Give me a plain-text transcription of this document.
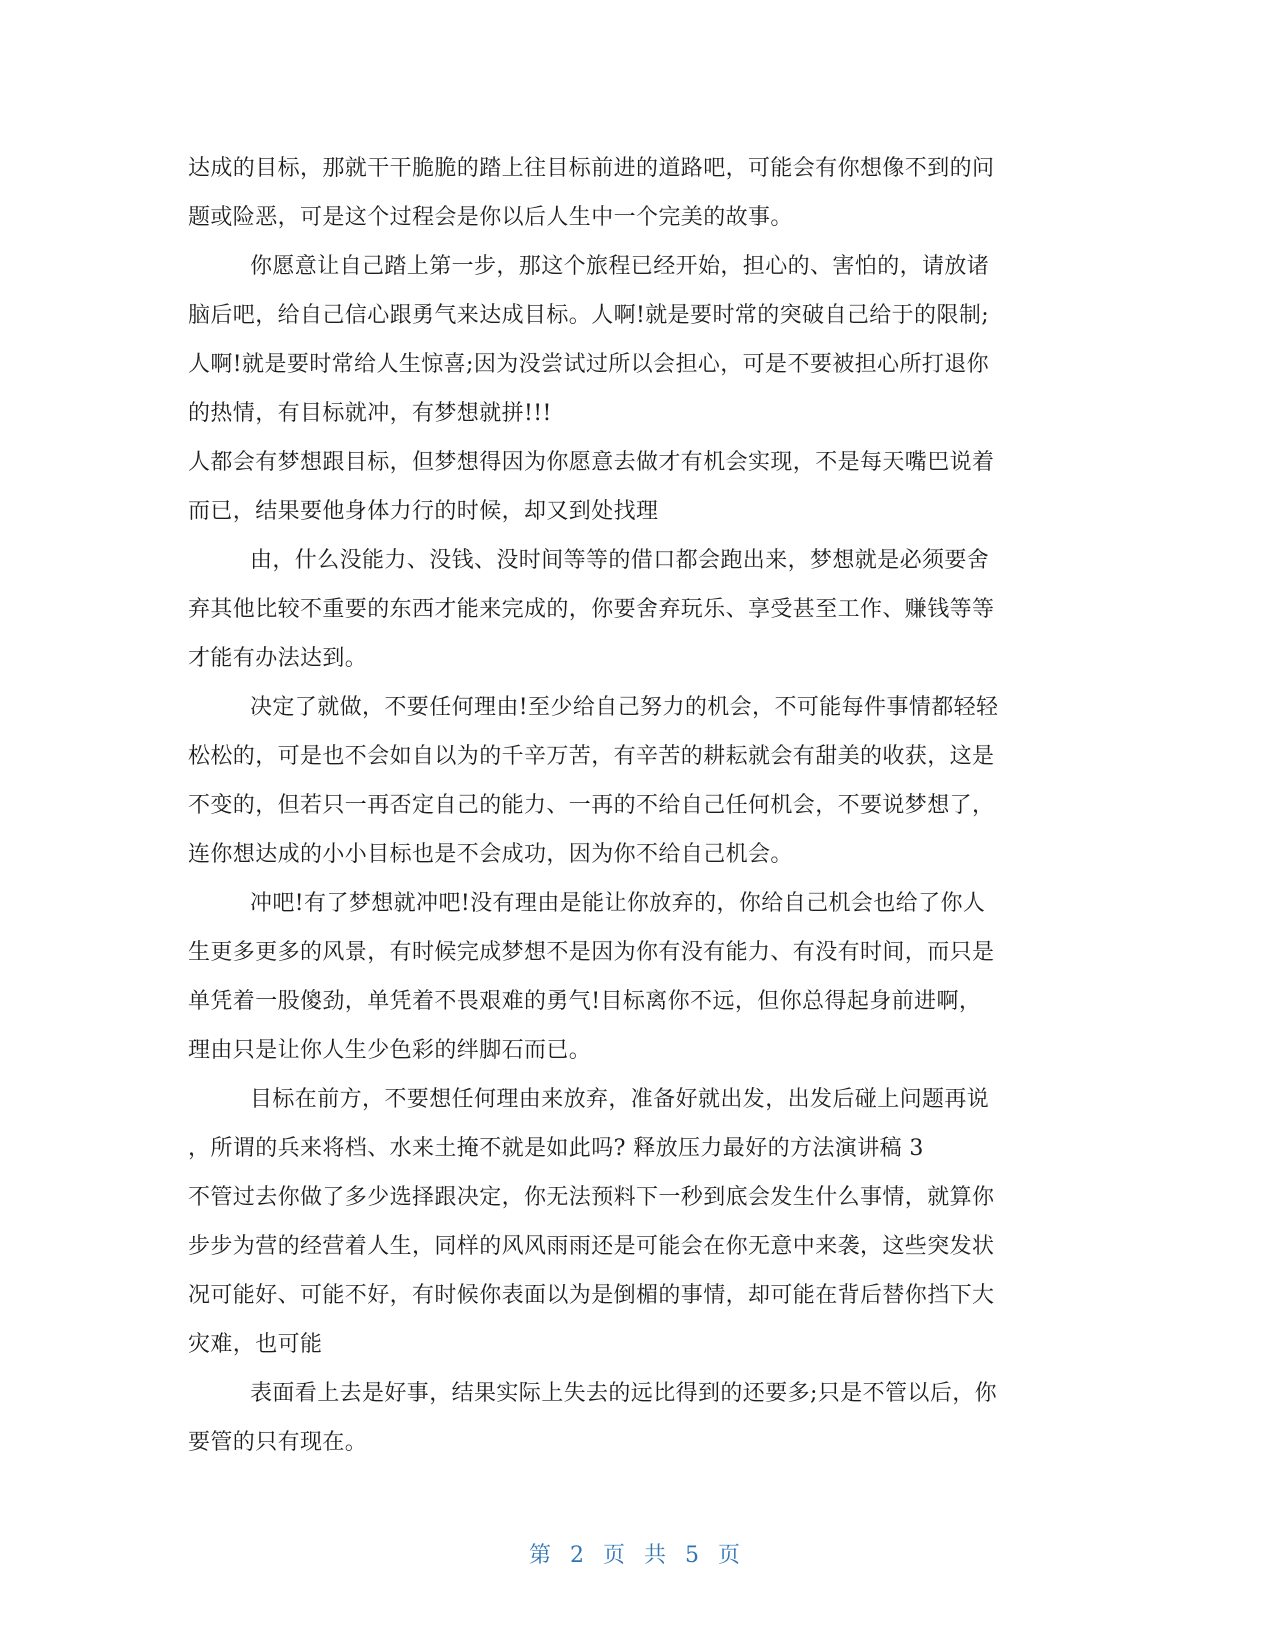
达成的目标，那就干干脆脆的踏上往目标前进的道路吧，可能会有你想像不到的问
题或险恶，可是这个过程会是你以后人生中一个完美的故事。
你愿意让自己踏上第一步，那这个旅程已经开始，担心的、害怕的，请放诸
脑后吧，给自己信心跟勇气来达成目标。人啊!就是要时常的突破自己给于的限制;
人啊!就是要时常给人生惊喜;因为没尝试过所以会担心，可是不要被担心所打退你
的热情，有目标就冲，有梦想就拼!!!
人都会有梦想跟目标，但梦想得因为你愿意去做才有机会实现，不是每天嘴巴说着
而已，结果要他身体力行的时候，却又到处找理
由，什么没能力、没钱、没时间等等的借口都会跑出来，梦想就是必须要舍
弃其他比较不重要的东西才能来完成的，你要舍弃玩乐、享受甚至工作、赚钱等等
才能有办法达到。
决定了就做，不要任何理由!至少给自己努力的机会，不可能每件事情都轻轻
松松的，可是也不会如自以为的千辛万苦，有辛苦的耕耘就会有甜美的收获，这是
不变的，但若只一再否定自己的能力、一再的不给自己任何机会，不要说梦想了，
连你想达成的小小目标也是不会成功，因为你不给自己机会。
冲吧!有了梦想就冲吧!没有理由是能让你放弃的，你给自己机会也给了你人
生更多更多的风景，有时候完成梦想不是因为你有没有能力、有没有时间，而只是
单凭着一股傻劲，单凭着不畏艰难的勇气!目标离你不远，但你总得起身前进啊，
理由只是让你人生少色彩的绊脚石而已。
目标在前方，不要想任何理由来放弃，准备好就出发，出发后碰上问题再说
，所谓的兵来将档、水来土掩不就是如此吗? 释放压力最好的方法演讲稿 3
不管过去你做了多少选择跟决定，你无法预料下一秒到底会发生什么事情，就算你
步步为营的经营着人生，同样的风风雨雨还是可能会在你无意中来袭，这些突发状
况可能好、可能不好，有时候你表面以为是倒楣的事情，却可能在背后替你挡下大
灾难，也可能
表面看上去是好事，结果实际上失去的远比得到的还要多;只是不管以后，你
要管的只有现在。
第 2 页 共 5 页
